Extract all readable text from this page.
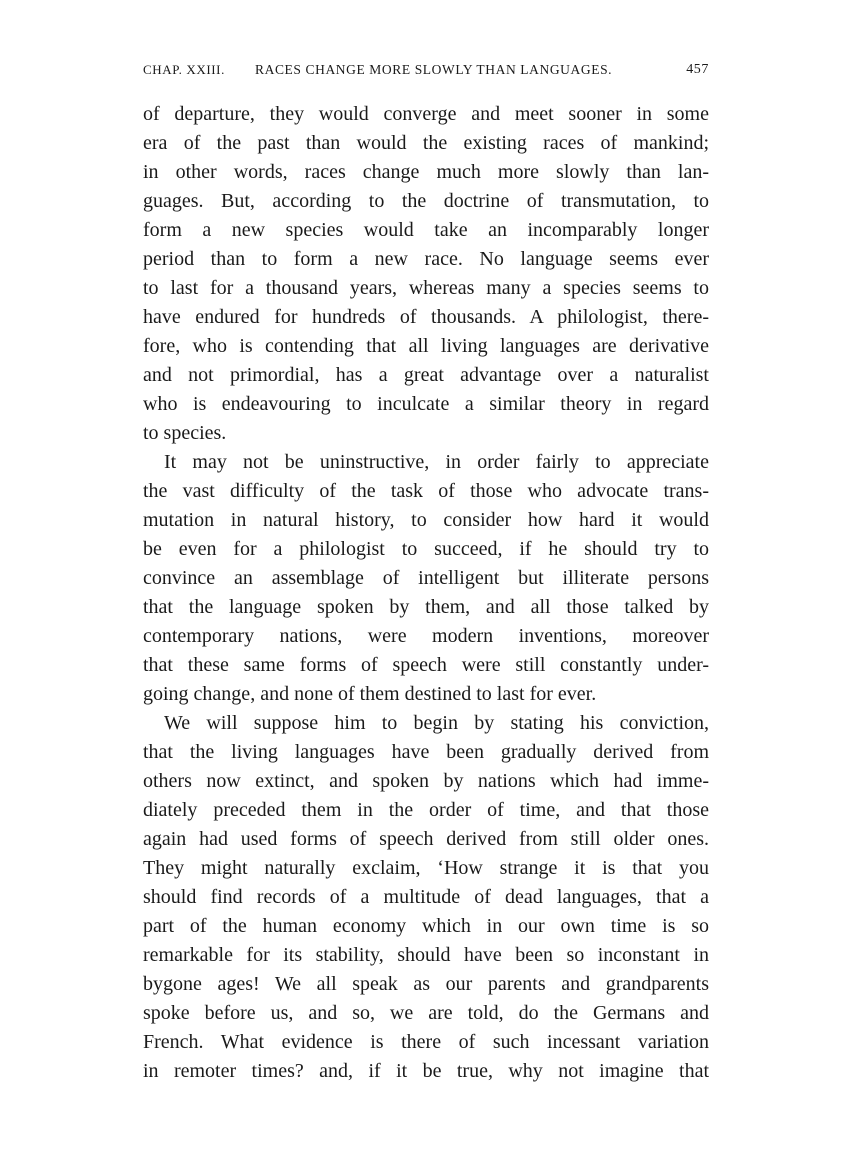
CHAP. XXIII. RACES CHANGE MORE SLOWLY THAN LANGUAGES.	457
of departure, they would converge and meet sooner in some
era of the past than would the existing races of mankind;
in other words, races change much more slowly than lan-
guages. But, according to the doctrine of transmutation, to
form a new species would take an incomparably longer
period than to form a new race. No language seems ever
to last for a thousand years, whereas many a species seems to
have endured for hundreds of thousands. A philologist, there-
fore, who is contending that all living languages are derivative
and not primordial, has a great advantage over a naturalist
who is endeavouring to inculcate a similar theory in regard
to species.
It may not be uninstructive, in order fairly to appreciate
the vast difficulty of the task of those who advocate trans-
mutation in natural history, to consider how hard it would
be even for a philologist to succeed, if he should try to
convince an assemblage of intelligent but illiterate persons
that the language spoken by them, and all those talked by
contemporary nations, were modern inventions, moreover
that these same forms of speech were still constantly under-
going change, and none of them destined to last for ever.
We will suppose him to begin by stating his conviction,
that the living languages have been gradually derived from
others now extinct, and spoken by nations which had imme-
diately preceded them in the order of time, and that those
again had used forms of speech derived from still older ones.
They might naturally exclaim, ‘How strange it is that you
should find records of a multitude of dead languages, that a
part of the human economy which in our own time is so
remarkable for its stability, should have been so inconstant in
bygone ages! We all speak as our parents and grandparents
spoke before us, and so, we are told, do the Germans and
French. What evidence is there of such incessant variation
in remoter times? and, if it be true, why not imagine that
